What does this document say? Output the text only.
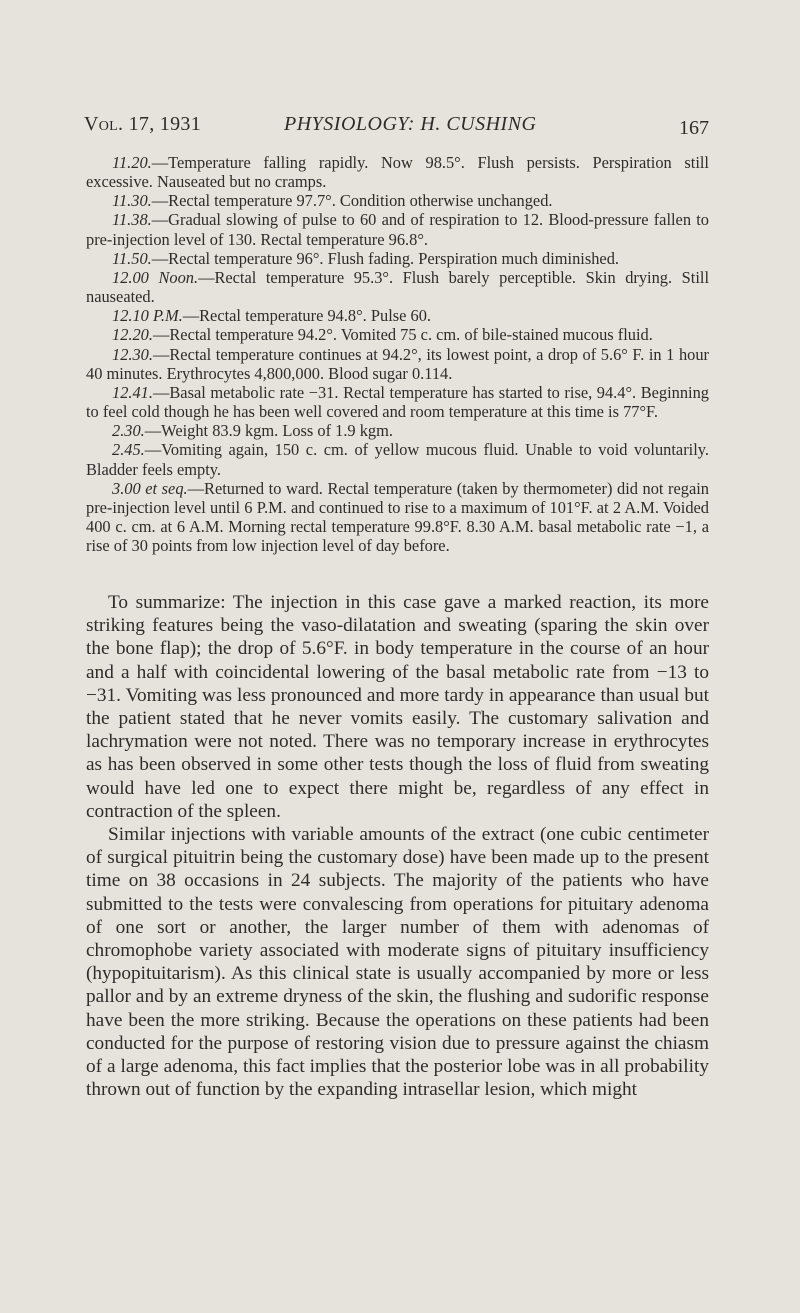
Vol. 17, 1931	PHYSIOLOGY: H. CUSHING	167

11.20.—Temperature falling rapidly. Now 98.5°. Flush persists. Perspiration still excessive. Nauseated but no cramps.

11.30.—Rectal temperature 97.7°. Condition otherwise unchanged.

11.38.—Gradual slowing of pulse to 60 and of respiration to 12. Blood-pressure fallen to pre-injection level of 130. Rectal temperature 96.8°.

11.50.—Rectal temperature 96°. Flush fading. Perspiration much diminished.

12.00 Noon.—Rectal temperature 95.3°. Flush barely perceptible. Skin drying. Still nauseated.

12.10 P.M.—Rectal temperature 94.8°. Pulse 60.

12.20.—Rectal temperature 94.2°. Vomited 75 c. cm. of bile-stained mucous fluid.

12.30.—Rectal temperature continues at 94.2°, its lowest point, a drop of 5.6° F. in 1 hour 40 minutes. Erythrocytes 4,800,000. Blood sugar 0.114.

12.41.—Basal metabolic rate −31. Rectal temperature has started to rise, 94.4°. Beginning to feel cold though he has been well covered and room temperature at this time is 77°F.

2.30.—Weight 83.9 kgm. Loss of 1.9 kgm.

2.45.—Vomiting again, 150 c. cm. of yellow mucous fluid. Unable to void voluntarily. Bladder feels empty.

3.00 et seq.—Returned to ward. Rectal temperature (taken by thermometer) did not regain pre-injection level until 6 P.M. and continued to rise to a maximum of 101°F. at 2 A.M. Voided 400 c. cm. at 6 A.M. Morning rectal temperature 99.8°F. 8.30 A.M. basal metabolic rate −1, a rise of 30 points from low injection level of day before.

To summarize: The injection in this case gave a marked reaction, its more striking features being the vaso-dilatation and sweating (sparing the skin over the bone flap); the drop of 5.6°F. in body temperature in the course of an hour and a half with coincidental lowering of the basal metabolic rate from −13 to −31. Vomiting was less pronounced and more tardy in appearance than usual but the patient stated that he never vomits easily. The customary salivation and lachrymation were not noted. There was no temporary increase in erythrocytes as has been observed in some other tests though the loss of fluid from sweating would have led one to expect there might be, regardless of any effect in contraction of the spleen.

Similar injections with variable amounts of the extract (one cubic centimeter of surgical pituitrin being the customary dose) have been made up to the present time on 38 occasions in 24 subjects. The majority of the patients who have submitted to the tests were convalescing from operations for pituitary adenoma of one sort or another, the larger number of them with adenomas of chromophobe variety associated with moderate signs of pituitary insufficiency (hypopituitarism). As this clinical state is usually accompanied by more or less pallor and by an extreme dryness of the skin, the flushing and sudorific response have been the more striking. Because the operations on these patients had been conducted for the purpose of restoring vision due to pressure against the chiasm of a large adenoma, this fact implies that the posterior lobe was in all probability thrown out of function by the expanding intrasellar lesion, which might
